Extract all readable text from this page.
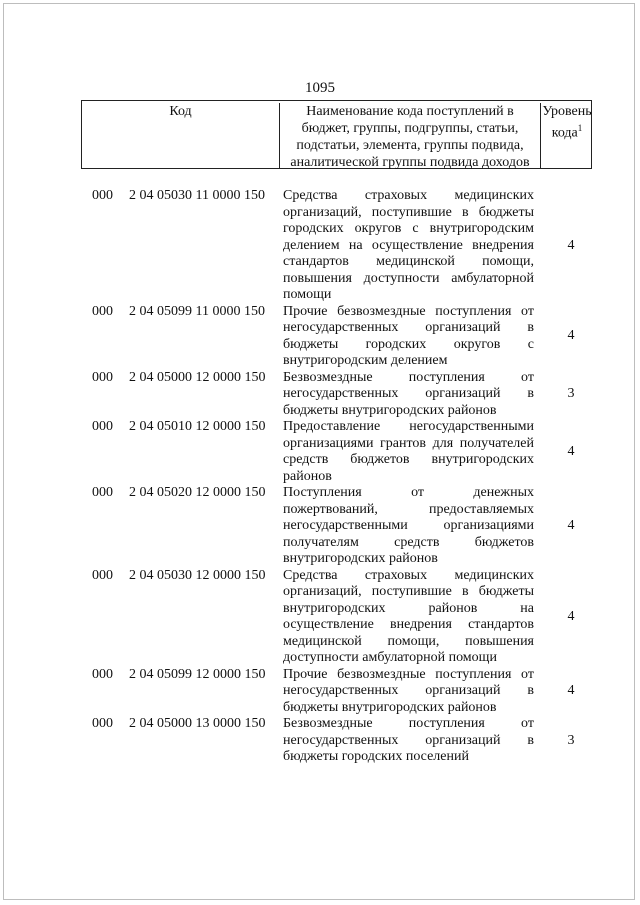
1095
Код	Наименование кода поступлений в
бюджет, группы, подгруппы, статьи,
подстатьи, элемента, группы подвида,
аналитической группы подвида доходов
Уровень
кода$^1$
000 2 04 05030 11 0000 150 Средства страховых медицинских
организаций, поступившие в бюджеты
городских округов с внутригородским
делением на осуществление внедрения
стандартов медицинской помощи,
повышения доступности амбулаторной
помощи
4
000 2 04 05099 11 0000 150 Прочие безвозмездные поступления от
негосударственных организаций в
бюджеты городских округов с
внутригородским делением
4
000 2 04 05000 12 0000 150 Безвозмездные поступления от
негосударственных организаций в
бюджеты внутригородских районов
3
000 2 04 05010 12 0000 150 Предоставление негосударственными
организациями грантов для получателей
средств бюджетов внутригородских
районов
4
000 2 04 05020 12 0000 150 Поступления от денежных
пожертвований, предоставляемых
негосударственными организациями
получателям средств бюджетов
внутригородских районов
4
000 2 04 05030 12 0000 150 Средства страховых медицинских
организаций, поступившие в бюджеты
внутригородских районов на
осуществление внедрения стандартов
медицинской помощи, повышения
доступности амбулаторной помощи
4
000 2 04 05099 12 0000 150 Прочие безвозмездные поступления от
негосударственных организаций в
бюджеты внутригородских районов
4
000 2 04 05000 13 0000 150 Безвозмездные поступления от
негосударственных организаций в
бюджеты городских поселений
3
